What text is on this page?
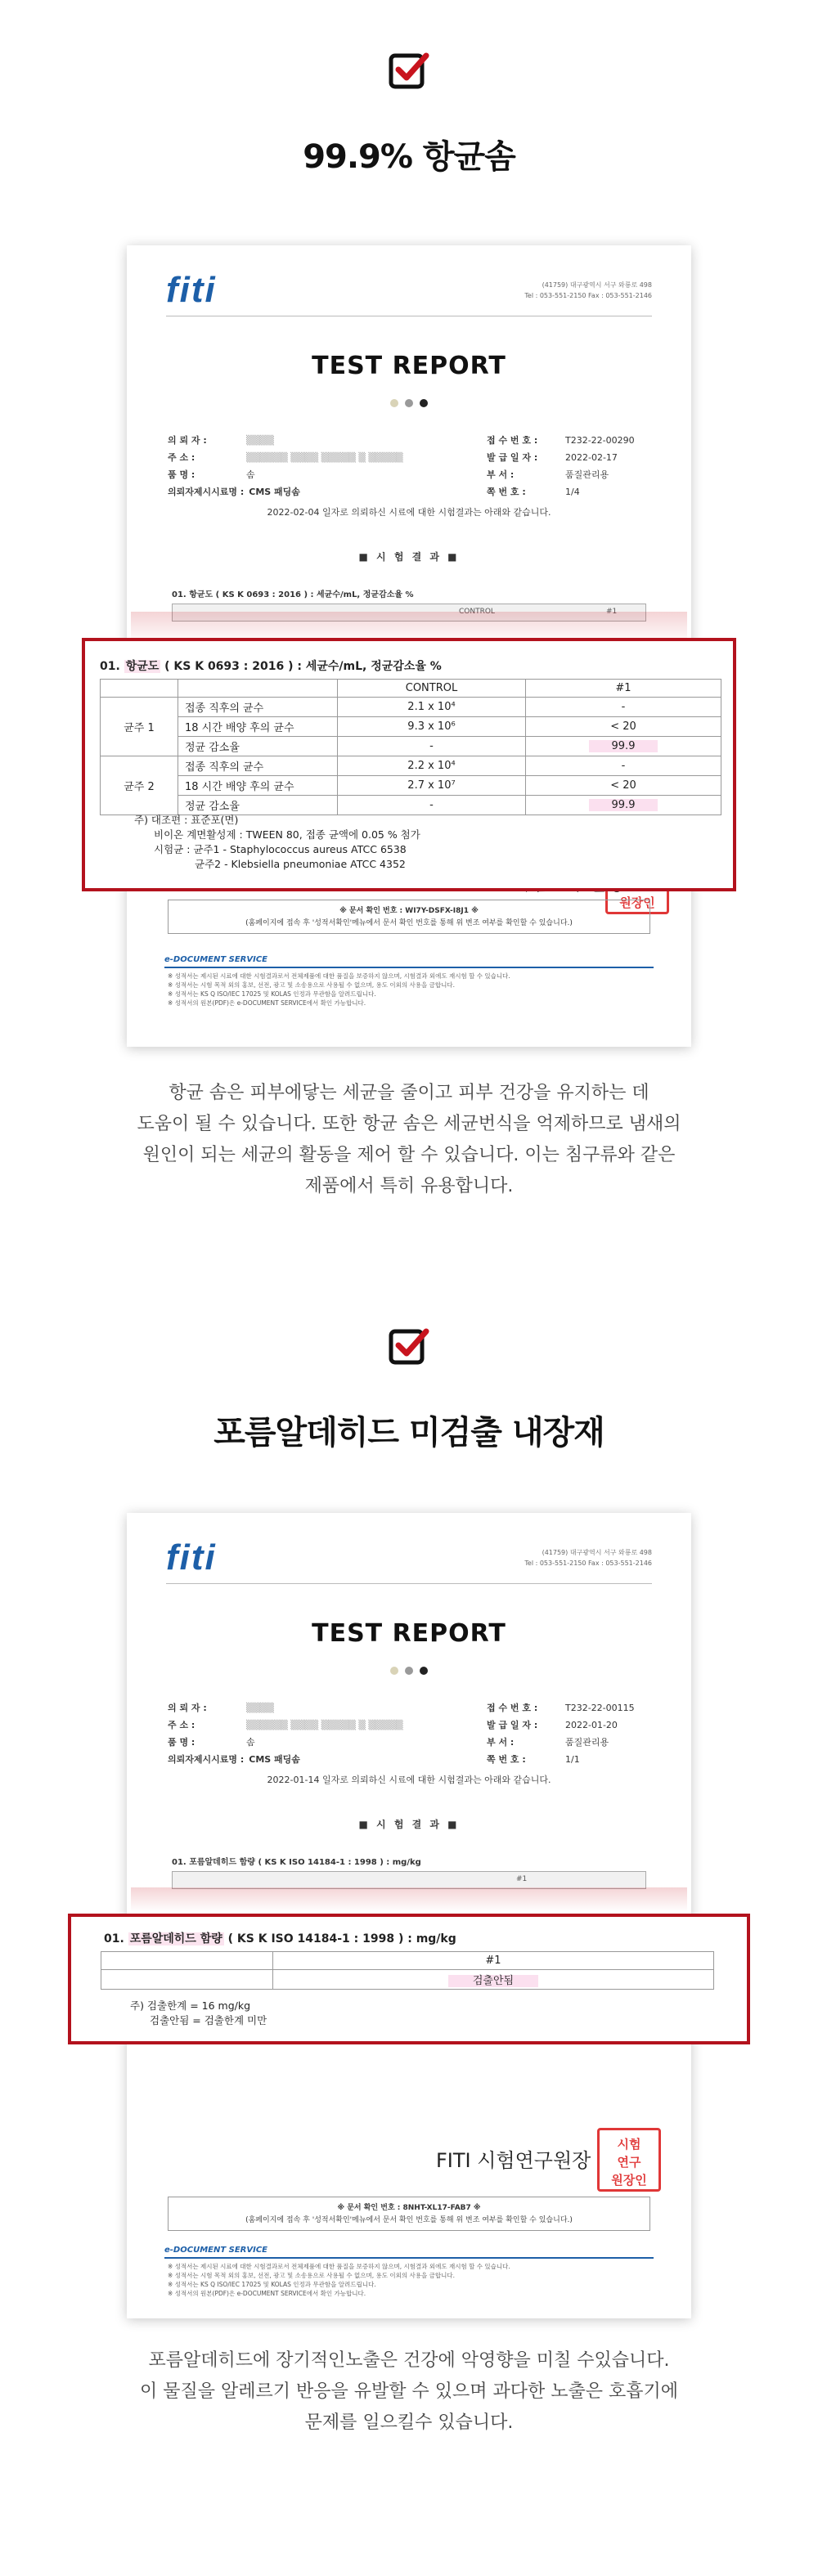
99.9% 항균솜
fiti	(41759) 대구광역시 서구 와룡로 498
Tel : 053-551-2150 Fax : 053-551-2146
TEST REPORT
의 뢰 자 :	▒▒▒▒
주 소 :	▒▒▒▒▒▒ ▒▒▒▒ ▒▒▒▒▒ ▒ ▒▒▒▒▒
품 명 :	솜
의뢰자제시시료명 : CMS 패딩솜
접 수 번 호 :	T232-22-00290
발 급 일 자 :	2022-02-17
부 서 :	품질관리용
쪽 번 호 :	1/4
2022-02-04 일자로 의뢰하신 시료에 대한 시험결과는 아래와 같습니다.
■ 시 험 결 과 ■
01. 항균도 ( KS K 0693 : 2016 ) : 세균수/mL, 정균감소율 %
CONTROL	#1

원장인
※ 문서 확인 번호 : WI7Y-DSFX-I8J1 ※
(홈페이지에 접속 후 '성적서확인'메뉴에서 문서 확인 번호를 통해 위 변조 여부를 확인할 수 있습니다.)
e-DOCUMENT SERVICE
※ 성적서는 제시된 시료에 대한 시험결과로서 전체제품에 대한 품질을 보증하지 않으며, 시험결과 외에도 재시험 할 수 있습니다.
※ 성적서는 시험 목적 외의 홍보, 선전, 광고 및 소송용으로 사용될 수 없으며, 용도 이외의 사용을 금합니다.
※ 성적서는 KS Q ISO/IEC 17025 및 KOLAS 인정과 무관함을 알려드립니다.
※ 성적서의 원본(PDF)은 e-DOCUMENT SERVICE에서 확인 가능합니다.
01. 항균도 ( KS K 0693 : 2016 ) : 세균수/mL, 정균감소율 %
		CONTROL	#1
균주 1	접종 직후의 균수	2.1 x 10⁴	-
	18 시간 배양 후의 균수	9.3 x 10⁶	< 20
	정균 감소율	-	99.9
균주 2	접종 직후의 균수	2.2 x 10⁴	-
	18 시간 배양 후의 균수	2.7 x 10⁷	< 20
	정균 감소율	-	99.9
주) 대조편 : 표준포(면)
비이온 계면활성제 : TWEEN 80, 접종 균액에 0.05 % 첨가
시험균 : 균주1 - Staphylococcus aureus ATCC 6538
균주2 - Klebsiella pneumoniae ATCC 4352
항균 솜은 피부에닿는 세균을 줄이고 피부 건강을 유지하는 데
도움이 될 수 있습니다. 또한 항균 솜은 세균번식을 억제하므로 냄새의
원인이 되는 세균의 활동을 제어 할 수 있습니다. 이는 침구류와 같은
제품에서 특히 유용합니다.
포름알데히드 미검출 내장재
fiti	(41759) 대구광역시 서구 와룡로 498
Tel : 053-551-2150 Fax : 053-551-2146
TEST REPORT
의 뢰 자 :	▒▒▒▒
주 소 :	▒▒▒▒▒▒ ▒▒▒▒ ▒▒▒▒▒ ▒ ▒▒▒▒▒
품 명 :	솜
의뢰자제시시료명 : CMS 패딩솜
접 수 번 호 :	T232-22-00115
발 급 일 자 :	2022-01-20
부 서 :	품질관리용
쪽 번 호 :	1/1
2022-01-14 일자로 의뢰하신 시료에 대한 시험결과는 아래와 같습니다.
■ 시 험 결 과 ■
01. 포름알데히드 함량 ( KS K ISO 14184-1 : 1998 ) : mg/kg
#1
FITI 시험연구원장
시험
연구
원장인
※ 문서 확인 번호 : 8NHT-XL17-FAB7 ※
(홈페이지에 접속 후 '성적서확인'메뉴에서 문서 확인 번호를 통해 위 변조 여부를 확인할 수 있습니다.)
e-DOCUMENT SERVICE
※ 성적서는 제시된 시료에 대한 시험결과로서 전체제품에 대한 품질을 보증하지 않으며, 시험결과 외에도 재시험 할 수 있습니다.
※ 성적서는 시험 목적 외의 홍보, 선전, 광고 및 소송용으로 사용될 수 없으며, 용도 이외의 사용을 금합니다.
※ 성적서는 KS Q ISO/IEC 17025 및 KOLAS 인정과 무관함을 알려드립니다.
※ 성적서의 원본(PDF)은 e-DOCUMENT SERVICE에서 확인 가능합니다.
01. 포름알데히드 함량 ( KS K ISO 14184-1 : 1998 ) : mg/kg
	#1
	검출안됨
주) 검출한계 = 16 mg/kg
검출안됨 = 검출한계 미만
포름알데히드에 장기적인노출은 건강에 악영향을 미칠 수있습니다.
이 물질을 알레르기 반응을 유발할 수 있으며 과다한 노출은 호흡기에
문제를 일으킬수 있습니다.
